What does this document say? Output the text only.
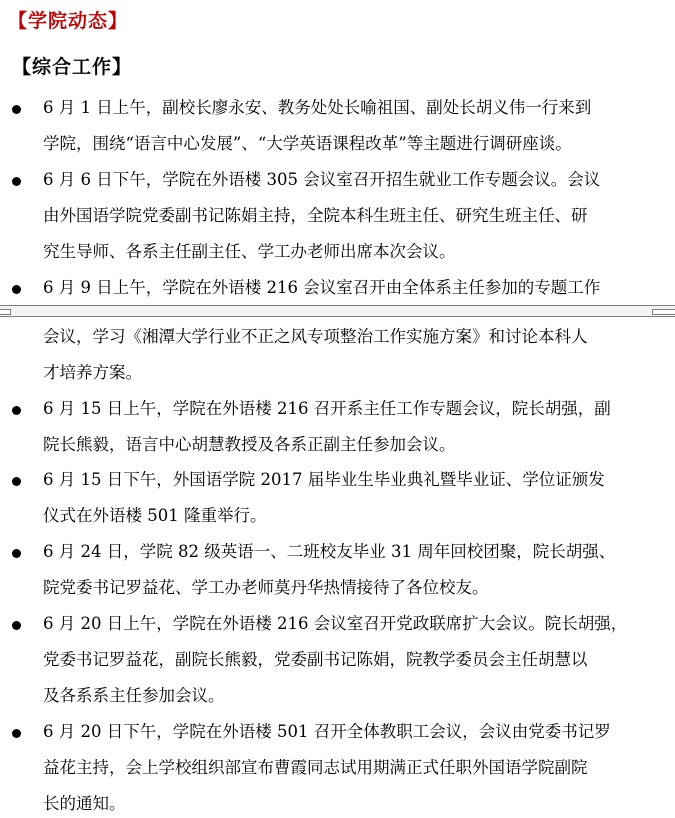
【学院动态】
【综合工作】
6 月 1 日上午，副校长廖永安、教务处处长喻祖国、副处长胡义伟一行来到
学院，围绕“语言中心发展”、“大学英语课程改革”等主题进行调研座谈。
6 月 6 日下午，学院在外语楼 305 会议室召开招生就业工作专题会议。会议
由外国语学院党委副书记陈娟主持，全院本科生班主任、研究生班主任、研
究生导师、各系主任副主任、学工办老师出席本次会议。
6 月 9 日上午，学院在外语楼 216 会议室召开由全体系主任参加的专题工作
会议，学习《湘潭大学行业不正之风专项整治工作实施方案》和讨论本科人
才培养方案。
6 月 15 日上午，学院在外语楼 216 召开系主任工作专题会议，院长胡强，副
院长熊毅，语言中心胡慧教授及各系正副主任参加会议。
6 月 15 日下午，外国语学院 2017 届毕业生毕业典礼暨毕业证、学位证颁发
仪式在外语楼 501 隆重举行。
6 月 24 日，学院 82 级英语一、二班校友毕业 31 周年回校团聚，院长胡强、
院党委书记罗益花、学工办老师莫丹华热情接待了各位校友。
6 月 20 日上午，学院在外语楼 216 会议室召开党政联席扩大会议。院长胡强，
党委书记罗益花，副院长熊毅，党委副书记陈娟，院教学委员会主任胡慧以
及各系系主任参加会议。
6 月 20 日下午，学院在外语楼 501 召开全体教职工会议，会议由党委书记罗
益花主持，会上学校组织部宣布曹霞同志试用期满正式任职外国语学院副院
长的通知。
